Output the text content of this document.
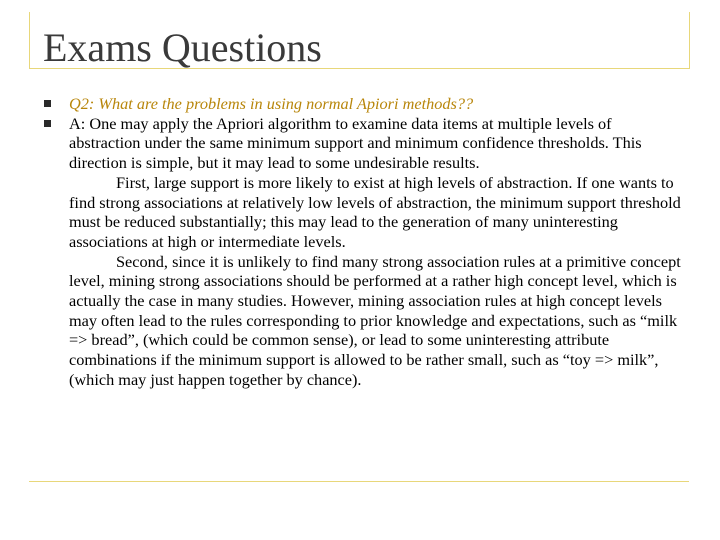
Exams Questions
Q2: What are the problems in using normal Apiori methods??
A: One may apply the Apriori algorithm to examine data items at multiple levels of abstraction under the same minimum support and minimum confidence thresholds. This direction is simple, but it may lead to some undesirable results.
First, large support is more likely to exist at high levels of abstraction. If one wants to find strong associations at relatively low levels of abstraction, the minimum support threshold must be reduced substantially; this may lead to the generation of many uninteresting associations at high or intermediate levels.
Second, since it is unlikely to find many strong association rules at a primitive concept level, mining strong associations should be performed at a rather high concept level, which is actually the case in many studies. However, mining association rules at high concept levels may often lead to the rules corresponding to prior knowledge and expectations, such as “milk => bread”, (which could be common sense), or lead to some uninteresting attribute combinations if the minimum support is allowed to be rather small, such as “toy => milk”, (which may just happen together by chance).
